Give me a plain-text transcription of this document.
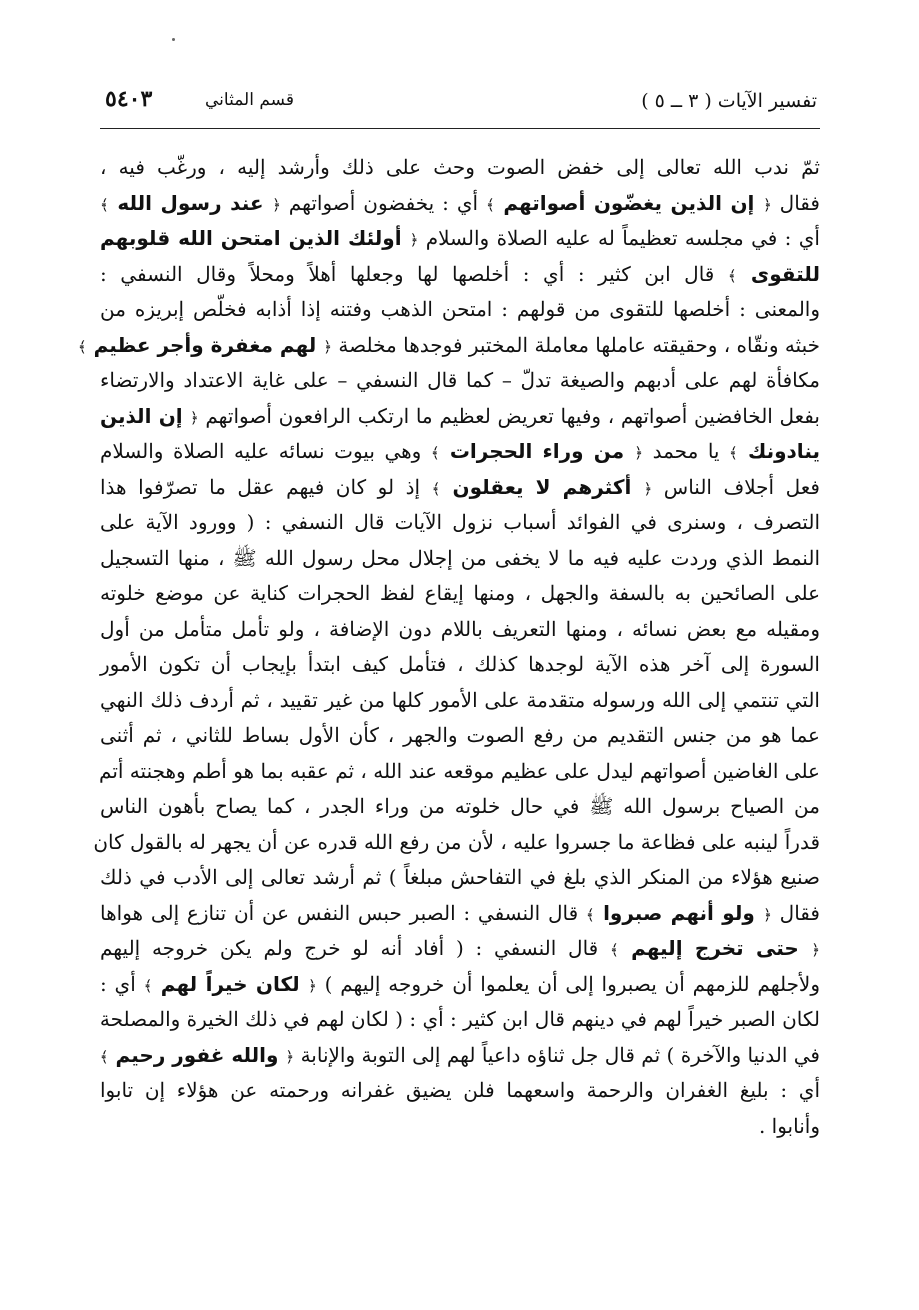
تفسير الآيات ( ٣ ــ ٥ )
قسم المثاني
٥٤٠٣
ثمّ ندب الله تعالى إلى خفض الصوت وحث على ذلك وأرشد إليه ، ورغّب فيه ،
فقال ﴿ إن الذين يغضّون أصواتهم ﴾ أي : يخفضون أصواتهم ﴿ عند رسول الله ﴾
أي : في مجلسه تعظيماً له عليه الصلاة والسلام ﴿ أولئك الذين امتحن الله قلوبهم
للتقوى ﴾ قال ابن كثير : أي : أخلصها لها وجعلها أهلاً ومحلاً وقال النسفي :
والمعنى : أخلصها للتقوى من قولهم : امتحن الذهب وفتنه إذا أذابه فخلّص إبريزه من
خبثه ونقّاه ، وحقيقته عاملها معاملة المختبر فوجدها مخلصة ﴿ لهم مغفرة وأجر عظيم ﴾
مكافأة لهم على أدبهم والصيغة تدلّ – كما قال النسفي – على غاية الاعتداد والارتضاء
بفعل الخافضين أصواتهم ، وفيها تعريض لعظيم ما ارتكب الرافعون أصواتهم ﴿ إن الذين
ينادونك ﴾ يا محمد ﴿ من وراء الحجرات ﴾ وهي بيوت نسائه عليه الصلاة والسلام
فعل أجلاف الناس ﴿ أكثرهم لا يعقلون ﴾ إذ لو كان فيهم عقل ما تصرّفوا هذا
التصرف ، وسنرى في الفوائد أسباب نزول الآيات قال النسفي : ( وورود الآية على
النمط الذي وردت عليه فيه ما لا يخفى من إجلال محل رسول الله ﷺ ، منها التسجيل
على الصائحين به بالسفة والجهل ، ومنها إيقاع لفظ الحجرات كناية عن موضع خلوته
ومقيله مع بعض نسائه ، ومنها التعريف باللام دون الإضافة ، ولو تأمل متأمل من أول
السورة إلى آخر هذه الآية لوجدها كذلك ، فتأمل كيف ابتدأ بإيجاب أن تكون الأمور
التي تنتمي إلى الله ورسوله متقدمة على الأمور كلها من غير تقييد ، ثم أردف ذلك النهي
عما هو من جنس التقديم من رفع الصوت والجهر ، كأن الأول بساط للثاني ، ثم أثنى
على الغاضين أصواتهم ليدل على عظيم موقعه عند الله ، ثم عقبه بما هو أطم وهجنته أتم
من الصياح برسول الله ﷺ في حال خلوته من وراء الجدر ، كما يصاح بأهون الناس
قدراً لينبه على فظاعة ما جسروا عليه ، لأن من رفع الله قدره عن أن يجهر له بالقول كان
صنيع هؤلاء من المنكر الذي بلغ في التفاحش مبلغاً ) ثم أرشد تعالى إلى الأدب في ذلك
فقال ﴿ ولو أنهم صبروا ﴾ قال النسفي : الصبر حبس النفس عن أن تنازع إلى هواها
﴿ حتى تخرج إليهم ﴾ قال النسفي : ( أفاد أنه لو خرج ولم يكن خروجه إليهم
ولأجلهم للزمهم أن يصبروا إلى أن يعلموا أن خروجه إليهم ) ﴿ لكان خيراً لهم ﴾ أي :
لكان الصبر خيراً لهم في دينهم قال ابن كثير : أي : ( لكان لهم في ذلك الخيرة والمصلحة
في الدنيا والآخرة ) ثم قال جل ثناؤه داعياً لهم إلى التوبة والإنابة ﴿ والله غفور رحيم ﴾
أي : بليغ الغفران والرحمة واسعهما فلن يضيق غفرانه ورحمته عن هؤلاء إن تابوا
وأنابوا .
